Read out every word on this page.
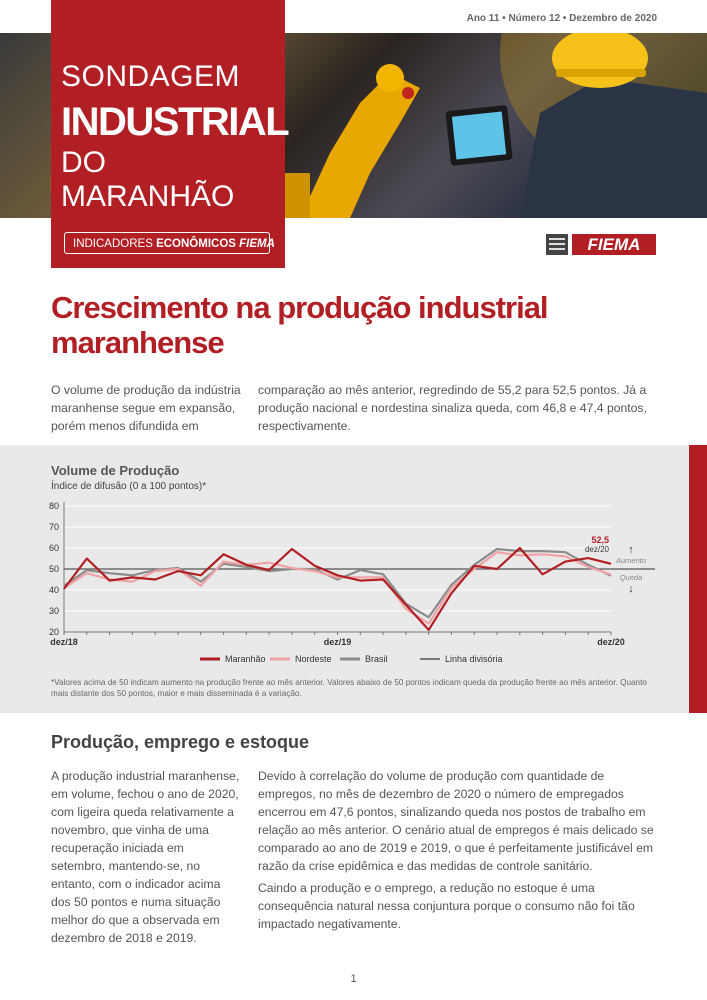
Ano 11 • Número 12 • Dezembro de 2020
SONDAGEM
INDUSTRIAL
DO MARANHÃO
INDICADORES ECONÔMICOS FIEMA	FIEMA
Crescimento na produção industrial maranhense

O volume de produção da indústria maranhense segue em expansão, porém menos difundida em

comparação ao mês anterior, regredindo de 55,2 para 52,5 pontos. Já a produção nacional e nordestina sinaliza queda, com 46,8 e 47,4 pontos, respectivamente.

Volume de Produção
Índice de difusão (0 a 100 pontos)*
80
70
60
50
40
30
20
dez/18	dez/19	dez/20
52,5
dez/20 ↑
Aumento
Queda
↓
Maranhão	Nordeste	Brasil	Linha divisória

*Valores acima de 50 indicam aumento na produção frente ao mês anterior. Valores abaixo de 50 pontos indicam queda da produção frente ao mês anterior. Quanto mais distante dos 50 pontos, maior e mais disseminada é a variação.

Produção, emprego e estoque

A produção industrial maranhense, em volume, fechou o ano de 2020, com ligeira queda relativamente a novembro, que vinha de uma recuperação iniciada em setembro, mantendo-se, no entanto, com o indicador acima dos 50 pontos e numa situação melhor do que a observada em dezembro de 2018 e 2019.

Devido à correlação do volume de produção com quantidade de empregos, no mês de dezembro de 2020 o número de empregados encerrou em 47,6 pontos, sinalizando queda nos postos de trabalho em relação ao mês anterior. O cenário atual de empregos é mais delicado se comparado ao ano de 2019 e 2019, o que é perfeitamente justificável em razão da crise epidêmica e das medidas de controle sanitário.

Caindo a produção e o emprego, a redução no estoque é uma consequência natural nessa conjuntura porque o consumo não foi tão impactado negativamente.

1
